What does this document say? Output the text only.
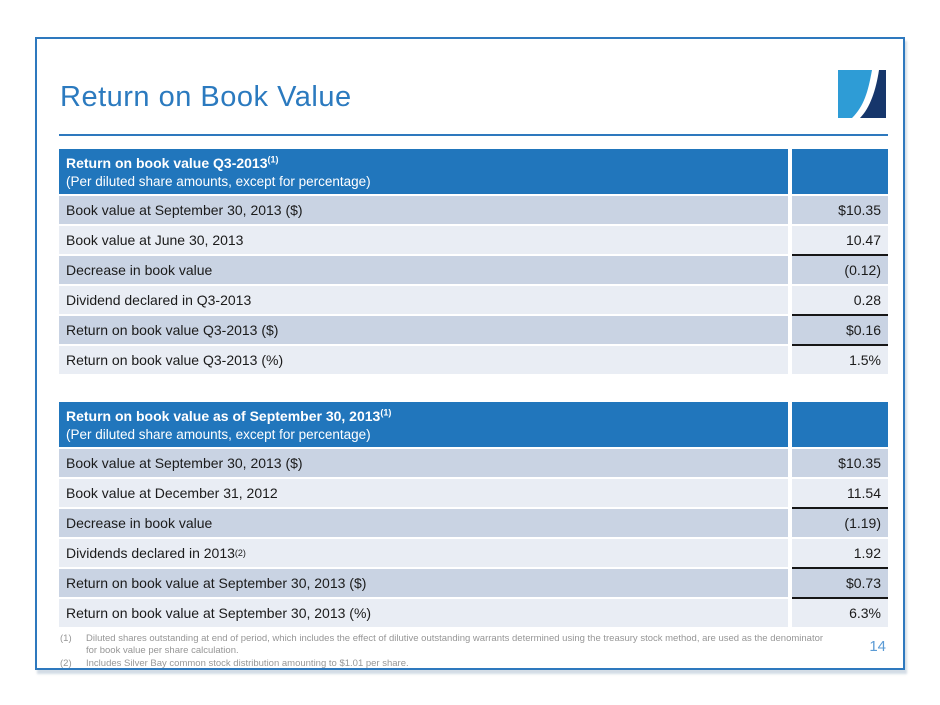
Return on Book Value
Return on book value Q3-2013$^{(1)}$
(Per diluted share amounts, except for percentage)
Book value at September 30, 2013 ($)	$10.35
Book value at June 30, 2013	10.47
Decrease in book value	(0.12)
Dividend declared in Q3-2013	0.28
Return on book value Q3-2013 ($)	$0.16
Return on book value Q3-2013 (%)	1.5%
Return on book value as of September 30, 2013$^{(1)}$
(Per diluted share amounts, except for percentage)
Book value at September 30, 2013 ($)	$10.35
Book value at December 31, 2012	11.54
Decrease in book value	(1.19)
Dividends declared in 2013 (2)	1.92
Return on book value at September 30, 2013 ($)	$0.73
Return on book value at September 30, 2013 (%)	6.3%
(1)	Diluted shares outstanding at end of period, which includes the effect of dilutive outstanding warrants determined using the treasury stock method, are used as the denominator for book value per share calculation.
(2)	Includes Silver Bay common stock distribution amounting to $1.01 per share.
14
